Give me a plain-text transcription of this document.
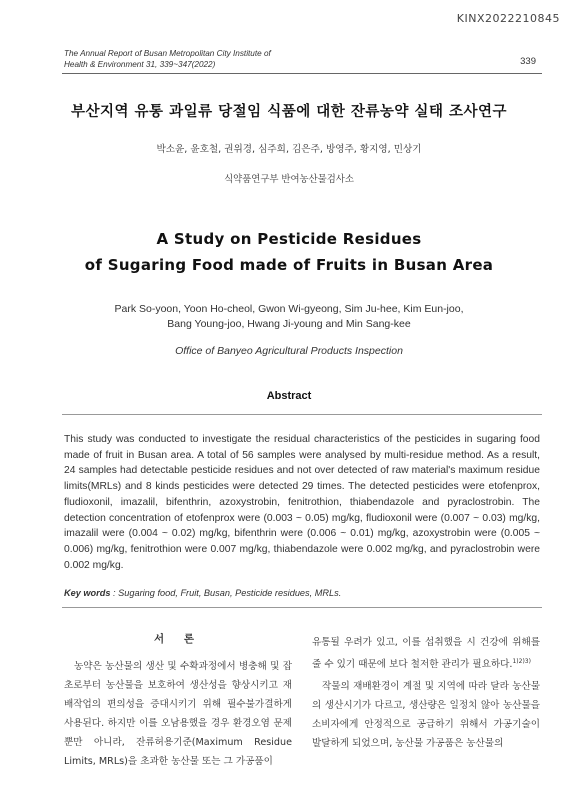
KINX2022210845
The Annual Report of Busan Metropolitan City Institute of
Health & Environment 31, 339~347(2022)	339
부산지역 유통 과일류 당절임 식품에 대한 잔류농약 실태 조사연구
박소윤, 윤호철, 권위경, 심주희, 김은주, 방영주, 황지영, 민상기
식약품연구부 반여농산물검사소
A Study on Pesticide Residues
of Sugaring Food made of Fruits in Busan Area
Park So-yoon, Yoon Ho-cheol, Gwon Wi-gyeong, Sim Ju-hee, Kim Eun-joo,
Bang Young-joo, Hwang Ji-young and Min Sang-kee
Office of Banyeo Agricultural Products Inspection
Abstract

This study was conducted to investigate the residual characteristics of the pesticides in sugaring food made of fruit in Busan area. A total of 56 samples were analysed by multi-residue method. As a result, 24 samples had detectable pesticide residues and not over detected of raw material's maximum residue limits(MRLs) and 8 kinds pesticides were detected 29 times. The detected pesticides were etofenprox, fludioxonil, imazalil, bifenthrin, azoxystrobin, fenitrothion, thiabendazole and pyraclostrobin. The detection concentration of etofenprox were (0.003 ~ 0.05) mg/kg, fludioxonil were (0.007 ~ 0.03) mg/kg, imazalil were (0.004 ~ 0.02) mg/kg, bifenthrin were (0.006 ~ 0.01) mg/kg, azoxystrobin were (0.005 ~ 0.006) mg/kg, fenitrothion were 0.007 mg/kg, thiabendazole were 0.002 mg/kg, and pyraclostrobin were 0.002 mg/kg.

Key words : Sugaring food, Fruit, Busan, Pesticide residues, MRLs.
서 론

농약은 농산물의 생산 및 수확과정에서 병충해 및 잡초로부터 농산물을 보호하여 생산성을 향상시키고 재배작업의 편의성을 증대시키기 위해 필수불가결하게 사용된다. 하지만 이를 오남용했을 경우 환경오염 문제뿐만 아니라, 잔류허용기준(Maximum Residue Limits, MRLs)을 초과한 농산물 또는 그 가공품이

유통될 우려가 있고, 이를 섭취했을 시 건강에 위해를 줄 수 있기 때문에 보다 철저한 관리가 필요하다.$^{1)2)3)}$

작물의 재배환경이 계절 및 지역에 따라 달라 농산물의 생산시기가 다르고, 생산량은 일정치 않아 농산물을 소비자에게 안정적으로 공급하기 위해서 가공기술이 발달하게 되었으며, 농산물 가공품은 농산물의
